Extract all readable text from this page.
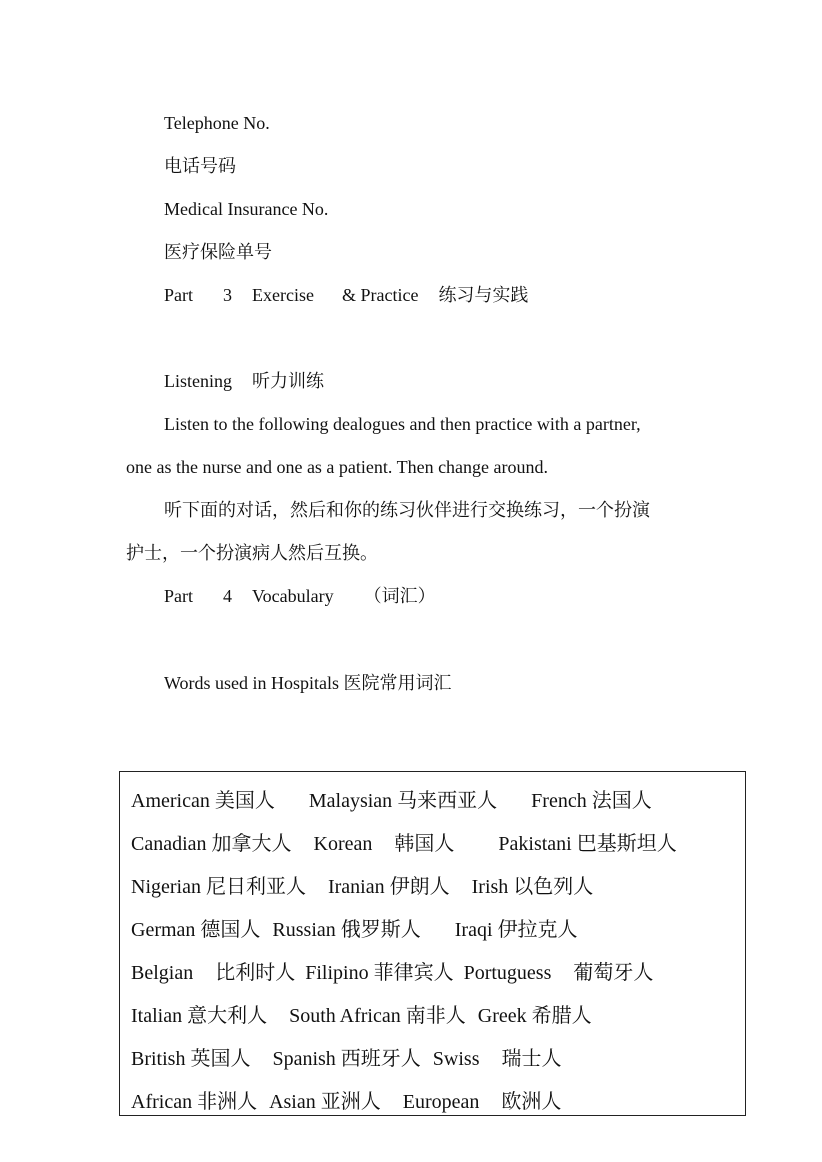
Telephone No.
电话号码
Medical Insurance No.
医疗保险单号
Part 3 Exercise & Practice 练习与实践
Listening 听力训练
Listen to the following dealogues and then practice with a partner,
one as the nurse and one as a patient. Then change around.
听下面的对话，然后和你的练习伙伴进行交换练习，一个扮演
护士，一个扮演病人然后互换。
Part 4 Vocabulary （词汇）
Words used in Hospitals 医院常用词汇
American 美国人 Malaysian 马来西亚人 French 法国人
Canadian 加拿大人 Korean 韩国人 Pakistani 巴基斯坦人
Nigerian 尼日利亚人 Iranian 伊朗人 Irish 以色列人
German 德国人 Russian 俄罗斯人 Iraqi 伊拉克人
Belgian 比利时人 Filipino 菲律宾人 Portuguess 葡萄牙人
Italian 意大利人 South African 南非人 Greek 希腊人
British 英国人 Spanish 西班牙人 Swiss 瑞士人
African 非洲人 Asian 亚洲人 European 欧洲人
